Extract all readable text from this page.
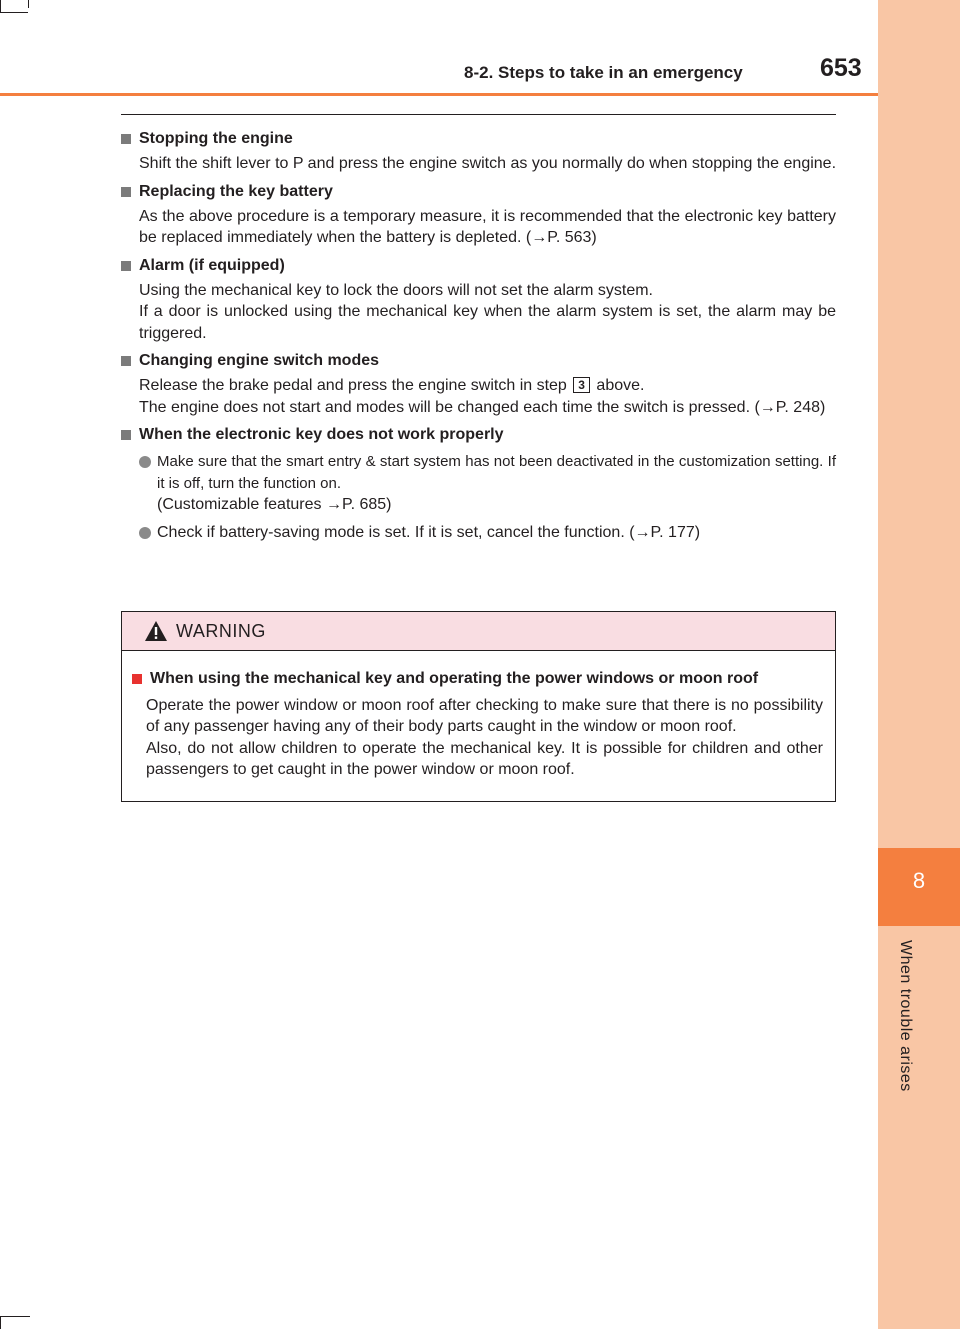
8
When trouble arises
8-2. Steps to take in an emergency	653
Stopping the engine

Shift the shift lever to P and press the engine switch as you normally do when stopping the engine.

Replacing the key battery

As the above procedure is a temporary measure, it is recommended that the electronic key battery be replaced immediately when the battery is depleted. (→P. 563)

Alarm (if equipped)

Using the mechanical key to lock the doors will not set the alarm system.

If a door is unlocked using the mechanical key when the alarm system is set, the alarm may be triggered.

Changing engine switch modes

Release the brake pedal and press the engine switch in step 3 above.

The engine does not start and modes will be changed each time the switch is pressed. (→P. 248)

When the electronic key does not work properly

Make sure that the smart entry & start system has not been deactivated in the customization setting. If it is off, turn the function on.

(Customizable features →P. 685)

Check if battery-saving mode is set. If it is set, cancel the function. (→P. 177)

WARNING
When using the mechanical key and operating the power windows or moon roof

Operate the power window or moon roof after checking to make sure that there is no possibility of any passenger having any of their body parts caught in the window or moon roof.

Also, do not allow children to operate the mechanical key. It is possible for children and other passengers to get caught in the power window or moon roof.
